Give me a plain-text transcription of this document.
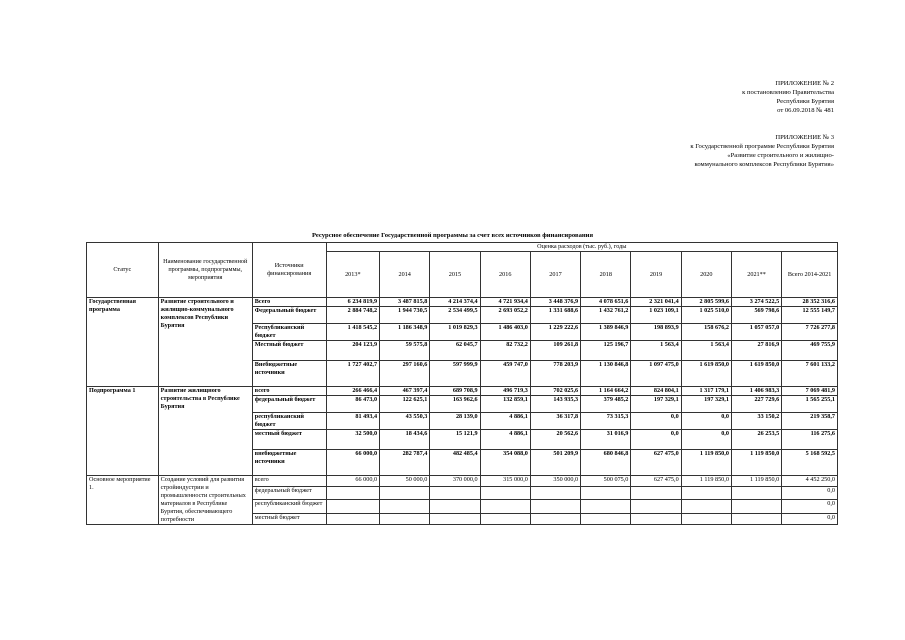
ПРИЛОЖЕНИЕ № 2
к постановлению Правительства
Республики Бурятия
от 06.09.2018 № 481
ПРИЛОЖЕНИЕ № 3
к Государственной программе Республики Бурятия
«Развитие строительного и жилищно-
коммунального комплексов Республики Бурятия»
Ресурсное обеспечение Государственной программы за счет всех источников финансирования
Статус	Наименование государственной программы, подпрограммы, мероприятия	Источники финансирования	Оценка расходов (тыс. руб.), годы									
			2013*	2014	2015	2016	2017	2018	2019	2020	2021**	Всего 2014-2021
Государственная программа	Развитие строительного и жилищно-коммунального комплексов Республики Бурятия	Всего	6 234 819,9	3 487 815,8	4 214 374,4	4 721 934,4	3 448 376,9	4 078 651,6	2 321 041,4	2 805 599,6	3 274 522,5	28 352 316,6
		Федеральный бюджет	2 884 748,2	1 944 730,5	2 534 499,5	2 693 052,2	1 331 688,6	1 432 761,2	1 023 109,1	1 025 510,0	569 798,6	12 555 149,7
		Республиканский бюджет	1 418 545,2	1 186 348,9	1 019 829,3	1 486 403,0	1 229 222,6	1 389 846,9	198 893,9	158 676,2	1 057 057,0	7 726 277,8
		Местный бюджет	204 123,9	59 575,8	62 045,7	82 732,2	109 261,8	125 196,7	1 563,4	1 563,4	27 816,9	469 755,9
		Внебюджетные источники	1 727 402,7	297 160,6	597 999,9	459 747,0	778 203,9	1 130 846,8	1 097 475,0	1 619 850,0	1 619 850,0	7 601 133,2
Подпрограмма 1	Развитие жилищного строительства в Республике Бурятия	всего	266 466,4	467 397,4	689 708,9	496 719,3	702 025,6	1 164 664,2	824 804,1	1 317 179,1	1 406 983,3	7 069 481,9
		федеральный бюджет	86 473,0	122 625,1	163 962,6	132 859,1	143 935,3	379 485,2	197 329,1	197 329,1	227 729,6	1 565 255,1
		республиканский бюджет	81 493,4	43 550,3	28 139,0	4 886,1	36 317,8	73 315,3	0,0	0,0	33 150,2	219 358,7
		местный бюджет	32 500,0	18 434,6	15 121,9	4 886,1	20 562,6	31 016,9	0,0	0,0	26 253,5	116 275,6
		внебюджетные источники	66 000,0	282 787,4	482 485,4	354 088,0	501 209,9	680 846,8	627 475,0	1 119 850,0	1 119 850,0	5 168 592,5
Основное мероприятие 1.	Создание условий для развития стройиндустрии и промышленности строительных материалов в Республике Бурятия, обеспечивающего потребности	всего	66 000,0	50 000,0	370 000,0	315 000,0	350 000,0	500 075,0	627 475,0	1 119 850,0	1 119 850,0	4 452 250,0
		федеральный бюджет										0,0
		республиканский бюджет										0,0
		местный бюджет										0,0
